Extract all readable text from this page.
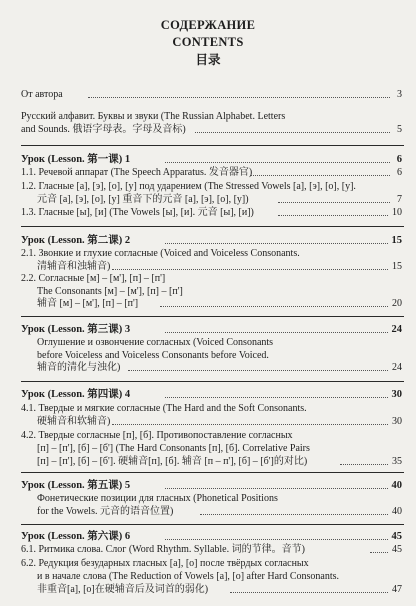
СОДЕРЖАНИЕ
CONTENTS
目录
От автора	3
Русский алфавит. Буквы и звуки (The Russian Alphabet. Letters
and Sounds. 俄语字母表。字母及音标)	5
Урок (Lesson. 第一课) 1	6
1.1. Речевой аппарат (The Speech Apparatus. 发音器官)	6
1.2. Гласные [а], [э], [о], [у] под ударением (The Stressed Vowels [а], [э], [о], [у].
元音 [а], [э], [о], [у] 重音下的元音 [а], [э], [о], [у])	7
1.3. Гласные [ы], [и] (The Vowels [ы], [и]. 元音 [ы], [и])	10
Урок (Lesson. 第二课) 2	15
2.1. Звонкие и глухие согласные (Voiced and Voiceless Consonants.
清辅音和浊辅音)	15
2.2. Согласные [м] – [м'], [п] – [п']
The Consonants [м] – [м'], [п] – [п']
辅音 [м] – [м'], [п] – [п']	20
Урок (Lesson. 第三课) 3	24
Оглушение и озвончение согласных (Voiced Consonants
before Voiceless and Voiceless Consonants before Voiced.
辅音的清化与浊化)	24
Урок (Lesson. 第四课) 4	30
4.1. Твердые и мягкие согласные (The Hard and the Soft Consonants.
硬辅音和软辅音)	30
4.2. Твердые согласные [п], [б]. Противопоставление согласных
[п] – [п'], [б] – [б'] (The Hard Consonants [п], [б]. Correlative Pairs
[п] – [п'], [б] – [б']. 硬辅音[п], [б]. 辅音 [п – п'], [б] – [б']的对比)	35
Урок (Lesson. 第五课) 5	40
Фонетические позиции для гласных (Phonetical Positions
for the Vowels. 元音的语音位置)	40
Урок (Lesson. 第六课) 6	45
6.1. Ритмика слова. Слог (Word Rhythm. Syllable. 词的节律。音节)	45
6.2. Редукция безударных гласных [а], [о] после твёрдых согласных
и в начале слова (The Reduction of Vowels [а], [о] after Hard Consonants.
非重音[а], [о]在硬辅音后及词首的弱化)	47
